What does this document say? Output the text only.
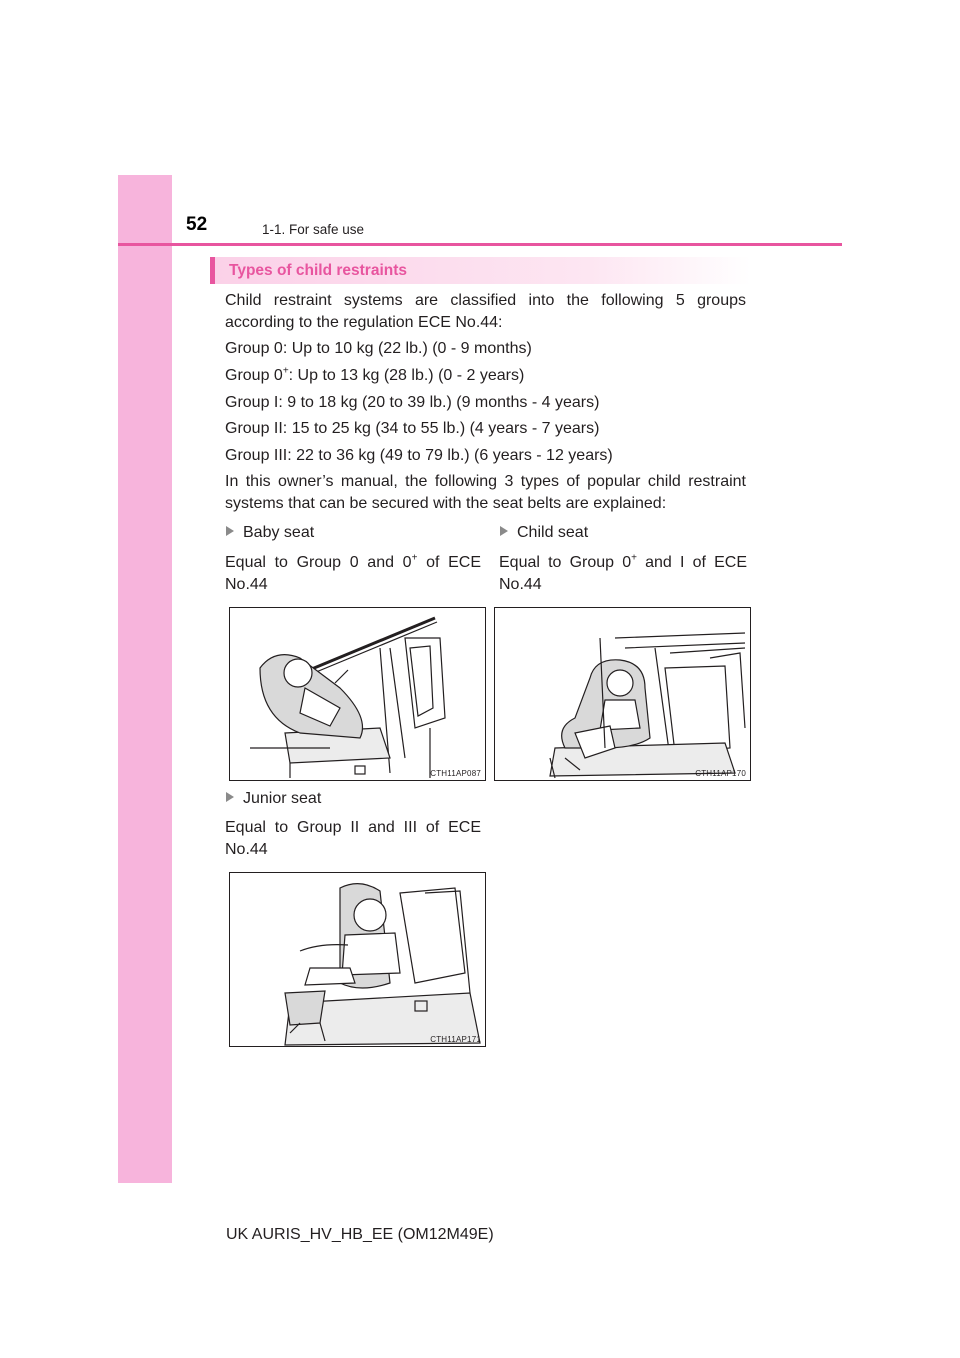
52	1-1. For safe use
Types of child restraints
Child restraint systems are classified into the following 5 groups according to the regulation ECE No.44:
Group 0: Up to 10 kg (22 lb.) (0 - 9 months)
Group 0+: Up to 13 kg (28 lb.) (0 - 2 years)
Group I: 9 to 18 kg (20 to 39 lb.) (9 months - 4 years)
Group II: 15 to 25 kg (34 to 55 lb.) (4 years - 7 years)
Group III: 22 to 36 kg (49 to 79 lb.) (6 years - 12 years)
In this owner’s manual, the following 3 types of popular child restraint systems that can be secured with the seat belts are explained:
Baby seat
Equal to Group 0 and 0+ of ECE No.44
Child seat
Equal to Group 0+ and I of ECE No.44
CTH11AP087	CTH11AP170
Junior seat
Equal to Group II and III of ECE No.44
CTH11AP171
UK AURIS_HV_HB_EE (OM12M49E)
